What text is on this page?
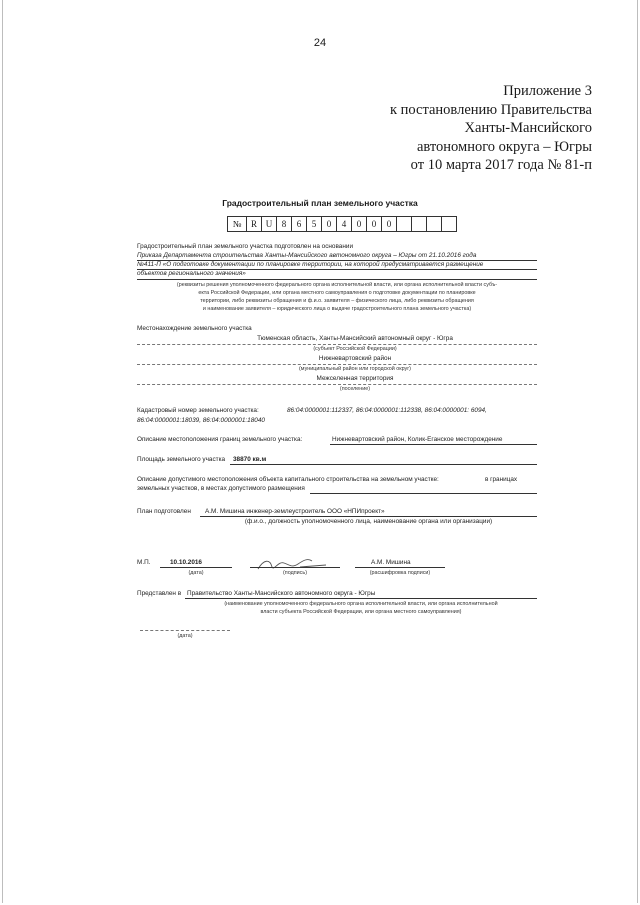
24
Приложение 3
к постановлению Правительства
Ханты-Мансийского
автономного округа – Югры
от 10 марта 2017 года № 81-п
Градостроительный план земельного участка
№	R U	8	6	5	0	4	0	0	0
Градостроительный план земельного участка подготовлен на основании
Приказа Департамента строительства Ханты-Мансийского автономного округа – Югры от 21.10.2016 года
№411-П «О подготовке документации по планировке территории, на которой предусматривается размещение
объектов регионального значения»
(реквизиты решения уполномоченного федерального органа исполнительной власти, или органа исполнительной власти субъ-
екта Российской Федерации, или органа местного самоуправления о подготовке документации по планировке
территории, либо реквизиты обращения и ф.и.о. заявителя – физического лица, либо реквизиты обращения
и наименование заявителя – юридического лица о выдаче градостроительного плана земельного участка)
Местонахождение земельного участка
Тюменская область, Ханты-Мансийский автономный округ - Югра
(субъект Российской Федерации)
Нижневартовский район
(муниципальный район или городской округ)
Межселенная территория
(поселение)
Кадастровый номер земельного участка:	86:04:0000001:112337, 86:04:0000001:112338, 86:04:0000001: 6094,
86:04:0000001:18039, 86:04:0000001:18040
Описание местоположения границ земельного участка:	Нижневартовский район, Колик-Еганское месторождение
Площадь земельного участка 38870 кв.м
Описание допустимого местоположения объекта капитального строительства на земельном участке:	в границах
земельных участков, в местах допустимого размещения
План подготовлен А.М. Мишина инженер-землеустроитель ООО «НПИпроект»
(ф.и.о., должность уполномоченного лица, наименование органа или организации)
М.П.	10.10.2016
(дата)	(подпись)
А.М. Мишина
(расшифровка подписи)
Представлен в Правительство Ханты-Мансийского автономного округа - Югры
(наименование уполномоченного федерального органа исполнительной власти, или органа исполнительной
власти субъекта Российской Федерации, или органа местного самоуправления)
(дата)
